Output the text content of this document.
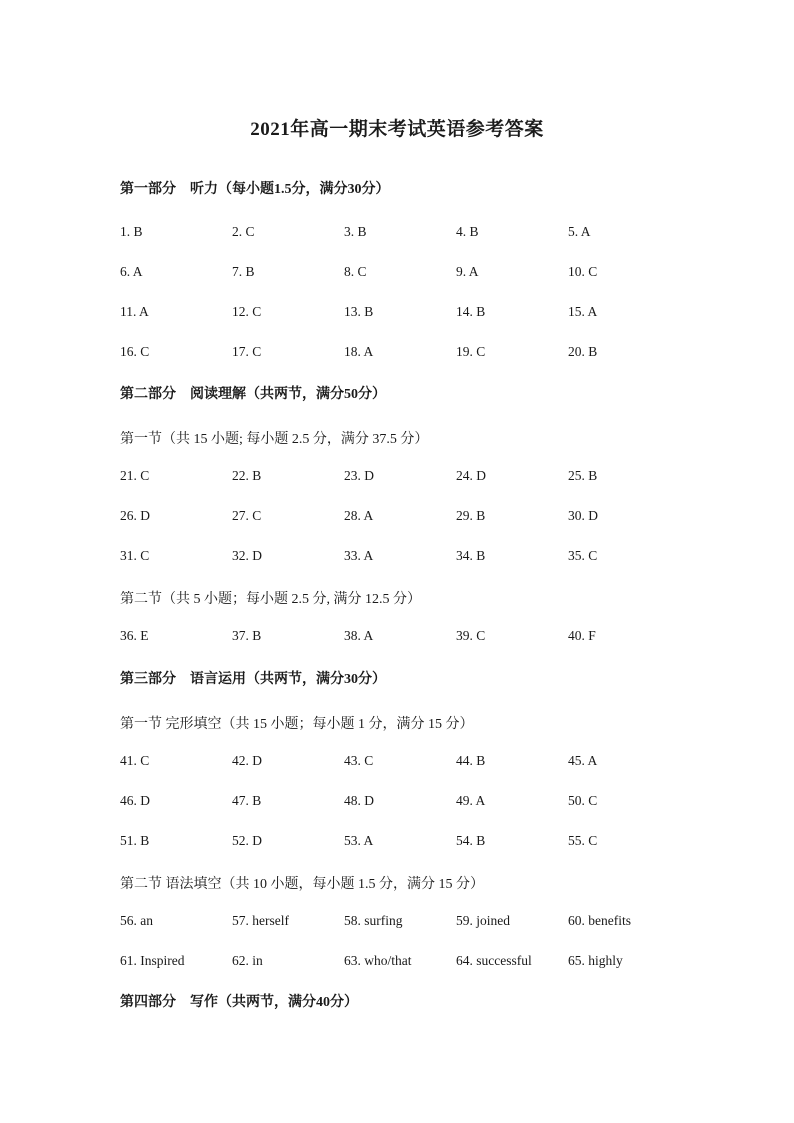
2021年高一期末考试英语参考答案
第一部分　听力（每小题1.5分，满分30分）
1. B	2. C	3. B	4. B	5. A
6. A	7. B	8. C	9. A	10. C
11. A	12. C	13. B	14. B	15. A
16. C	17. C	18. A	19. C	20. B
第二部分　阅读理解（共两节，满分50分）
第一节（共 15 小题; 每小题 2.5 分，满分 37.5 分）
21. C	22. B	23. D	24. D	25. B
26. D	27. C	28. A	29. B	30. D
31. C	32. D	33. A	34. B	35. C
第二节（共 5 小题；每小题 2.5 分, 满分 12.5 分）
36. E	37. B	38. A	39. C	40. F
第三部分　语言运用（共两节，满分30分）
第一节 完形填空（共 15 小题；每小题 1 分，满分 15 分）
41. C	42. D	43. C	44. B	45. A
46. D	47. B	48. D	49. A	50. C
51. B	52. D	53. A	54. B	55. C
第二节 语法填空（共 10 小题，每小题 1.5 分，满分 15 分）
56. an	57. herself	58. surfing	59. joined	60. benefits
61. Inspired	62. in	63. who/that	64. successful	65. highly
第四部分　写作（共两节，满分40分）
